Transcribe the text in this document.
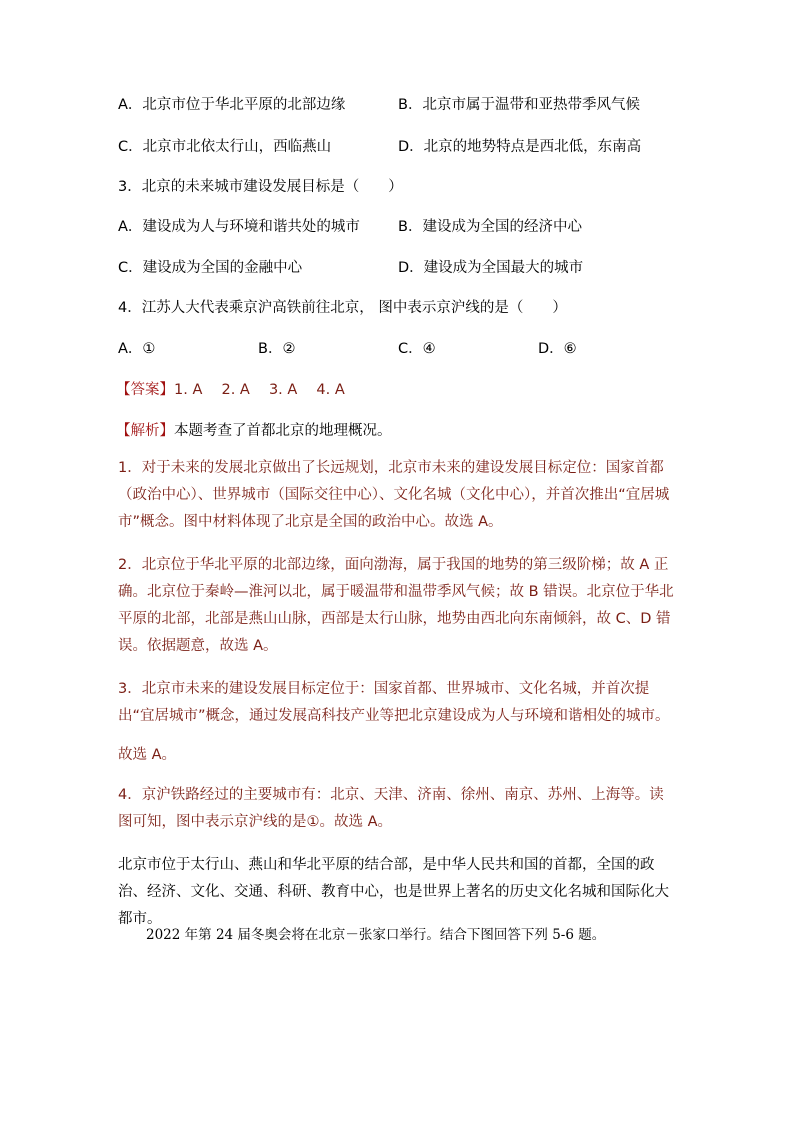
A．北京市位于华北平原的北部边缘	B．北京市属于温带和亚热带季风气候
C．北京市北依太行山，西临燕山	D．北京的地势特点是西北低，东南高
3．北京的未来城市建设发展目标是（　　）
A．建设成为人与环境和谐共处的城市	B．建设成为全国的经济中心
C．建设成为全国的金融中心	D．建设成为全国最大的城市
4．江苏人大代表乘京沪高铁前往北京， 图中表示京沪线的是（　　）
A．①	B．②	C．④	D．⑥
【答案】1. A　 2. A　 3. A　 4. A
【解析】本题考查了首都北京的地理概况。
1．对于未来的发展北京做出了长远规划，北京市未来的建设发展目标定位：国家首都（政治中心）、世界城市（国际交往中心）、文化名城（文化中心），并首次推出“宜居城市”概念。图中材料体现了北京是全国的政治中心。故选 A。
2．北京位于华北平原的北部边缘，面向渤海，属于我国的地势的第三级阶梯；故 A 正确。北京位于秦岭—淮河以北，属于暖温带和温带季风气候；故 B 错误。北京位于华北平原的北部，北部是燕山山脉，西部是太行山脉，地势由西北向东南倾斜，故 C、D 错误。依据题意，故选 A。
3．北京市未来的建设发展目标定位于：国家首都、世界城市、文化名城，并首次提出“宜居城市”概念，通过发展高科技产业等把北京建设成为人与环境和谐相处的城市。
故选 A。
4．京沪铁路经过的主要城市有：北京、天津、济南、徐州、南京、苏州、上海等。读图可知，图中表示京沪线的是①。故选 A。
北京市位于太行山、燕山和华北平原的结合部，是中华人民共和国的首都，全国的政治、经济、文化、交通、科研、教育中心，也是世界上著名的历史文化名城和国际化大都市。
2022 年第 24 届冬奥会将在北京－张家口举行。结合下图回答下列 5-6 题。
